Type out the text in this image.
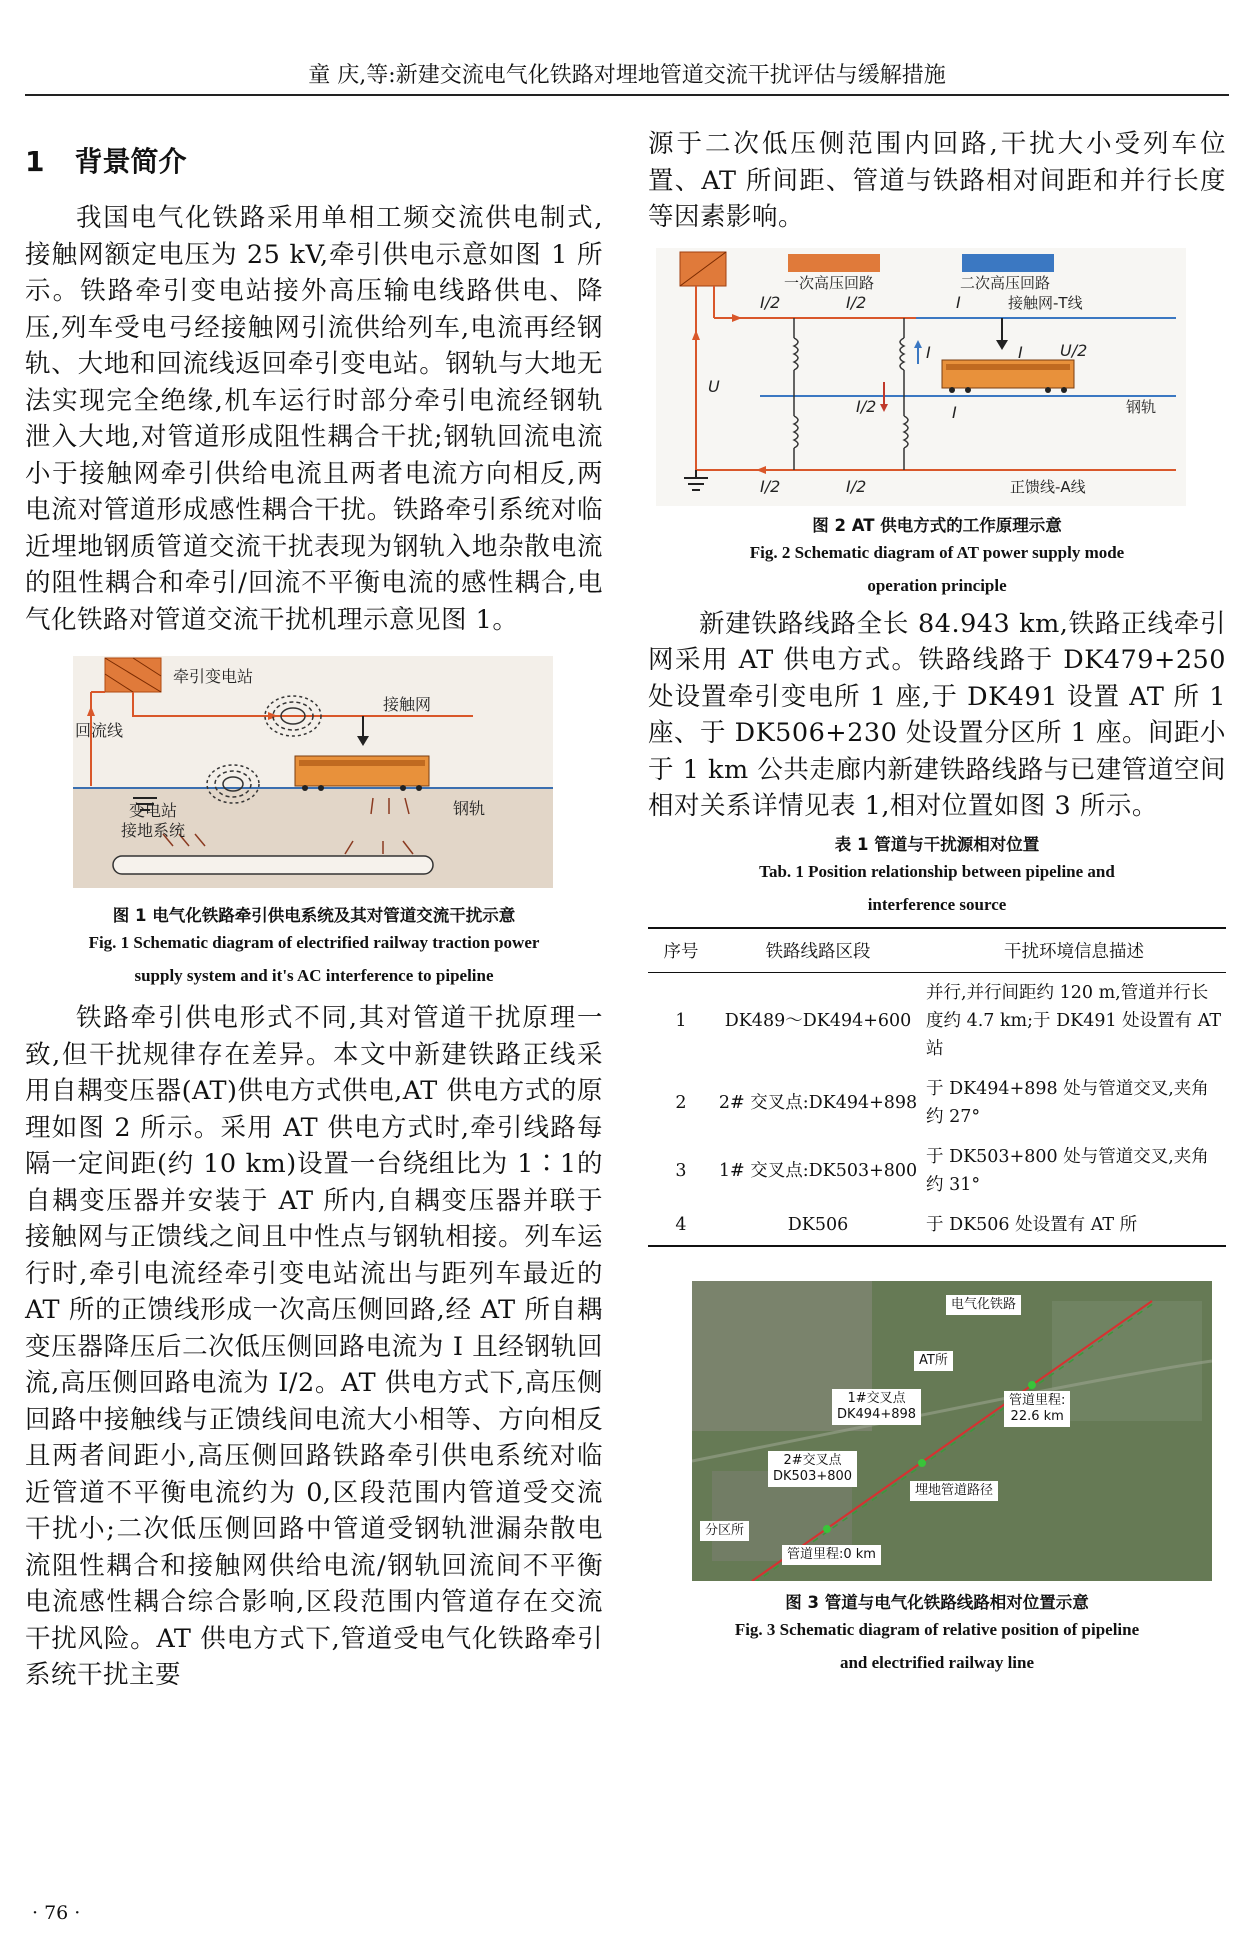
童 庆,等:新建交流电气化铁路对埋地管道交流干扰评估与缓解措施
1 背景简介

我国电气化铁路采用单相工频交流供电制式,接触网额定电压为 25 kV,牵引供电示意如图 1 所示。铁路牵引变电站接外高压输电线路供电、降压,列车受电弓经接触网引流供给列车,电流再经钢轨、大地和回流线返回牵引变电站。钢轨与大地无法实现完全绝缘,机车运行时部分牵引电流经钢轨泄入大地,对管道形成阻性耦合干扰;钢轨回流电流小于接触网牵引供给电流且两者电流方向相反,两电流对管道形成感性耦合干扰。铁路牵引系统对临近埋地钢质管道交流干扰表现为钢轨入地杂散电流的阻性耦合和牵引/回流不平衡电流的感性耦合,电气化铁路对管道交流干扰机理示意见图 1。

牵引变电站
接触网
回流线
变电站
接地系统
钢轨

图 1 电气化铁路牵引供电系统及其对管道交流干扰示意

Fig. 1 Schematic diagram of electrified railway traction power

supply system and it's AC interference to pipeline

铁路牵引供电形式不同,其对管道干扰原理一致,但干扰规律存在差异。本文中新建铁路正线采用自耦变压器(AT)供电方式供电,AT 供电方式的原理如图 2 所示。采用 AT 供电方式时,牵引线路每隔一定间距(约 10 km)设置一台绕组比为 1∶1的自耦变压器并安装于 AT 所内,自耦变压器并联于接触网与正馈线之间且中性点与钢轨相接。列车运行时,牵引电流经牵引变电站流出与距列车最近的 AT 所的正馈线形成一次高压侧回路,经 AT 所自耦变压器降压后二次低压侧回路电流为 I 且经钢轨回流,高压侧回路电流为 I/2。AT 供电方式下,高压侧回路中接触线与正馈线间电流大小相等、方向相反且两者间距小,高压侧回路铁路牵引供电系统对临近管道不平衡电流约为 0,区段范围内管道受交流干扰小;二次低压侧回路中管道受钢轨泄漏杂散电流阻性耦合和接触网供给电流/钢轨回流间不平衡电流感性耦合综合影响,区段范围内管道存在交流干扰风险。AT 供电方式下,管道受电气化铁路牵引系统干扰主要

源于二次低压侧范围内回路,干扰大小受列车位置、AT 所间距、管道与铁路相对间距和并行长度等因素影响。

一次高压回路	二次高压回路
I/2	I/2	I
I	I U/2
U
I/2	I
I/2	I/2
接触网-T线
钢轨
正馈线-A线

图 2 AT 供电方式的工作原理示意

Fig. 2 Schematic diagram of AT power supply mode

operation principle

新建铁路线路全长 84.943 km,铁路正线牵引网采用 AT 供电方式。铁路线路于 DK479+250 处设置牵引变电所 1 座,于 DK491 设置 AT 所 1 座、于 DK506+230 处设置分区所 1 座。间距小于 1 km 公共走廊内新建铁路线路与已建管道空间相对关系详情见表 1,相对位置如图 3 所示。

表 1 管道与干扰源相对位置

Tab. 1 Position relationship between pipeline and

interference source

序号	铁路线路区段	干扰环境信息描述
1	DK489～DK494+600	并行,并行间距约 120 m,管道并行长度约 4.7 km;于 DK491 处设置有 AT 站
2	2# 交叉点:DK494+898	于 DK494+898 处与管道交叉,夹角约 27°
3	1# 交叉点:DK503+800	于 DK503+800 处与管道交叉,夹角约 31°
4	DK506	于 DK506 处设置有 AT 所
电气化铁路
AT所
1#交叉点
DK494+898
管道里程:
22.6 km
2#交叉点
DK503+800
埋地管道路径
分区所
管道里程:0 km

图 3 管道与电气化铁路线路相对位置示意

Fig. 3 Schematic diagram of relative position of pipeline

and electrified railway line

· 76 ·
